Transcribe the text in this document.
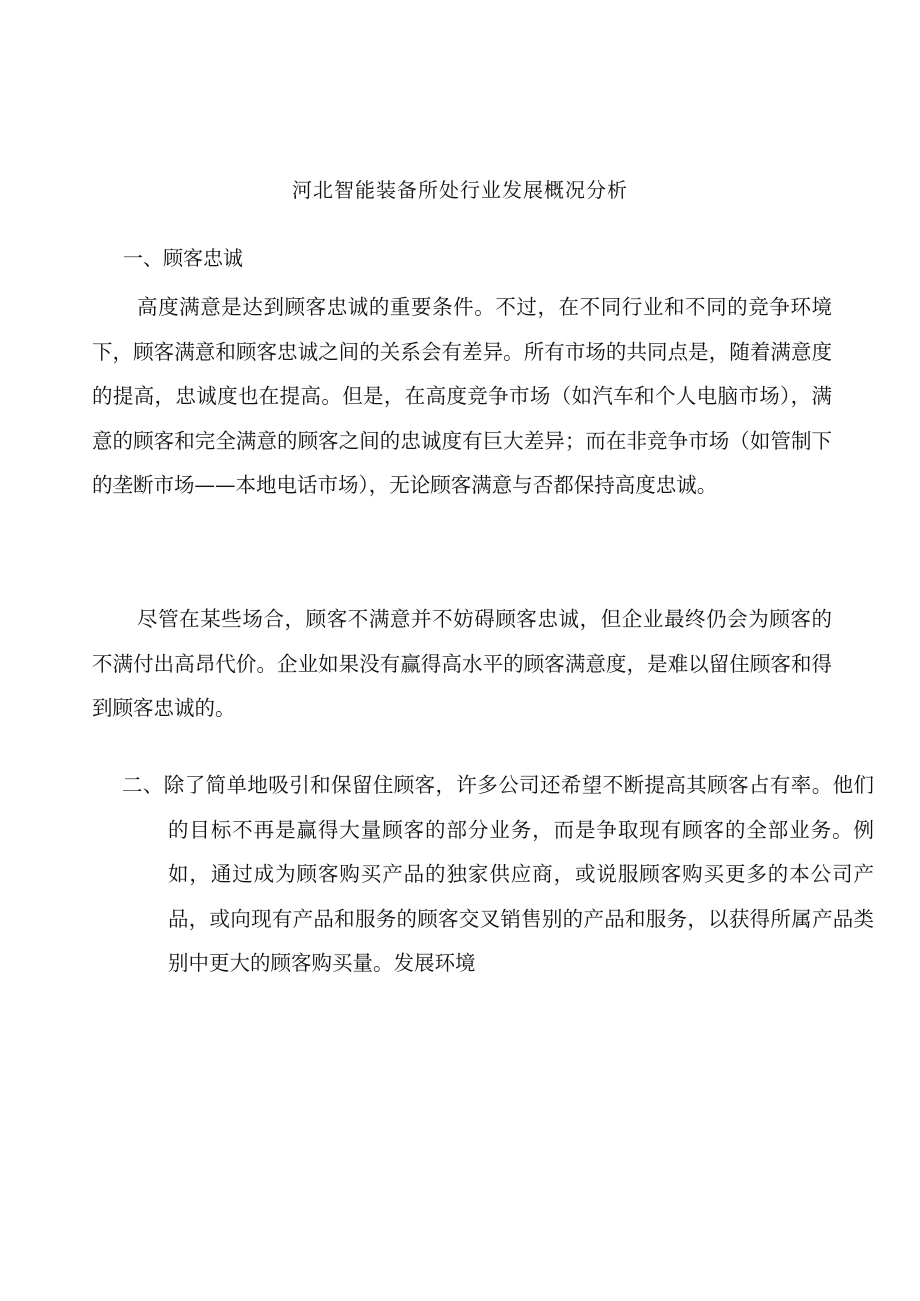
河北智能装备所处行业发展概况分析
一、顾客忠诚

高度满意是达到顾客忠诚的重要条件。不过，在不同行业和不同的竞争环境下，顾客满意和顾客忠诚之间的关系会有差异。所有市场的共同点是，随着满意度的提高，忠诚度也在提高。但是，在高度竞争市场（如汽车和个人电脑市场），满意的顾客和完全满意的顾客之间的忠诚度有巨大差异；而在非竞争市场（如管制下的垄断市场——本地电话市场），无论顾客满意与否都保持高度忠诚。

尽管在某些场合，顾客不满意并不妨碍顾客忠诚，但企业最终仍会为顾客的不满付出高昂代价。企业如果没有赢得高水平的顾客满意度，是难以留住顾客和得到顾客忠诚的。

二、除了简单地吸引和保留住顾客，许多公司还希望不断提高其顾客占有率。他们的目标不再是赢得大量顾客的部分业务，而是争取现有顾客的全部业务。例如，通过成为顾客购买产品的独家供应商，或说服顾客购买更多的本公司产品，或向现有产品和服务的顾客交叉销售别的产品和服务，以获得所属产品类别中更大的顾客购买量。发展环境
